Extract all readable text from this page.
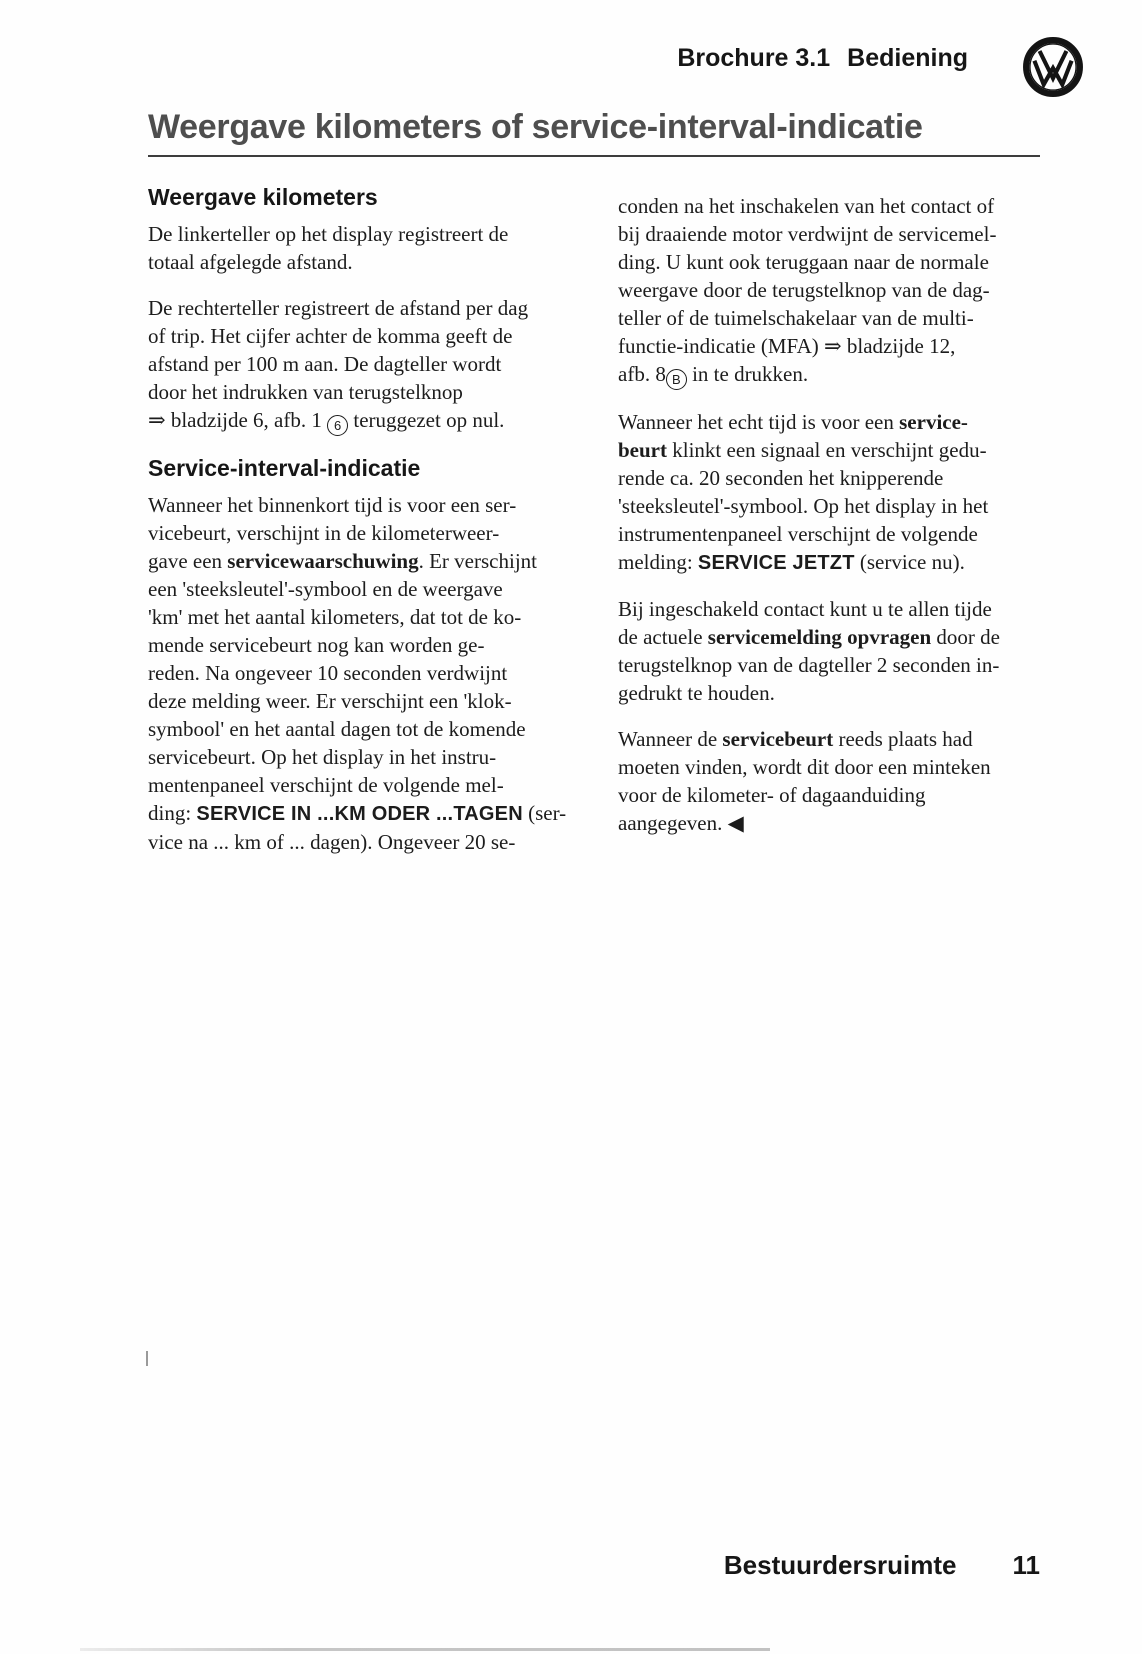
Brochure 3.1 Bediening
Weergave kilometers of service-interval-indicatie
Weergave kilometers

De linkerteller op het display registreert de
totaal afgelegde afstand.

De rechterteller registreert de afstand per dag
of trip. Het cijfer achter de komma geeft de
afstand per 100 m aan. De dagteller wordt
door het indrukken van terugstelknop
⇒ bladzijde 6, afb. 1 6 teruggezet op nul.

Service-interval-indicatie

Wanneer het binnenkort tijd is voor een ser-
vicebeurt, verschijnt in de kilometerweer-
gave een servicewaarschuwing. Er verschijnt
een 'steeksleutel'-symbool en de weergave
'km' met het aantal kilometers, dat tot de ko-
mende servicebeurt nog kan worden ge-
reden. Na ongeveer 10 seconden verdwijnt
deze melding weer. Er verschijnt een 'klok-
symbool' en het aantal dagen tot de komende
servicebeurt. Op het display in het instru-
mentenpaneel verschijnt de volgende mel-
ding: SERVICE IN ...KM ODER ...TAGEN (ser-
vice na ... km of ... dagen). Ongeveer 20 se-

conden na het inschakelen van het contact of
bij draaiende motor verdwijnt de servicemel-
ding. U kunt ook teruggaan naar de normale
weergave door de terugstelknop van de dag-
teller of de tuimelschakelaar van de multi-
functie-indicatie (MFA) ⇒ bladzijde 12,
afb. 8 B in te drukken.

Wanneer het echt tijd is voor een service-
beurt klinkt een signaal en verschijnt gedu-
rende ca. 20 seconden het knipperende
'steeksleutel'-symbool. Op het display in het
instrumentenpaneel verschijnt de volgende
melding: SERVICE JETZT (service nu).

Bij ingeschakeld contact kunt u te allen tijde
de actuele servicemelding opvragen door de
terugstelknop van de dagteller 2 seconden in-
gedrukt te houden.

Wanneer de servicebeurt reeds plaats had
moeten vinden, wordt dit door een minteken
voor de kilometer- of dagaanduiding
aangegeven. ◀

Bestuurdersruimte 11
